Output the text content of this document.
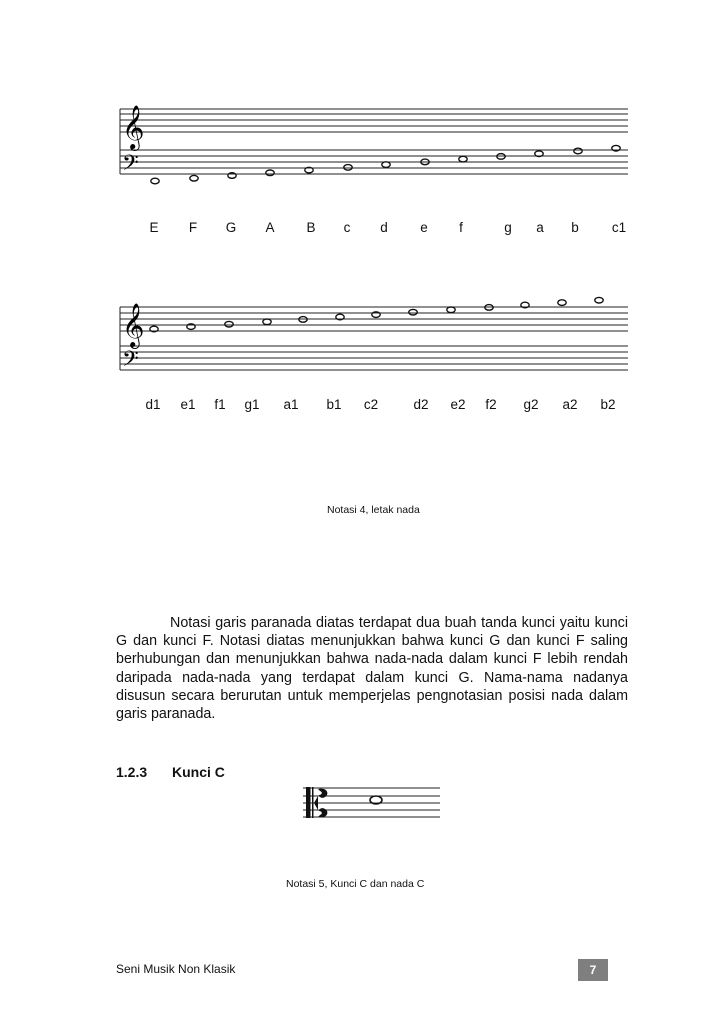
𝄞
𝄢
E F G A B c d e f	g a b c1
𝄞
𝄢
d1 e1 f1 g1 a1 b1 c2	d2 e2 f2 g2 a2 b2
Notasi 4, letak nada

Notasi garis paranada diatas terdapat dua buah tanda kunci yaitu kunci G dan kunci F. Notasi diatas menunjukkan bahwa kunci G dan kunci F saling berhubungan dan menunjukkan bahwa nada-nada dalam kunci F lebih rendah daripada nada-nada yang terdapat dalam kunci G. Nama-nama nadanya disusun secara berurutan untuk memperjelas pengnotasian posisi nada dalam garis paranada.

1.2.3 Kunci C
Notasi 5, Kunci C dan nada C
Seni Musik Non Klasik	7
